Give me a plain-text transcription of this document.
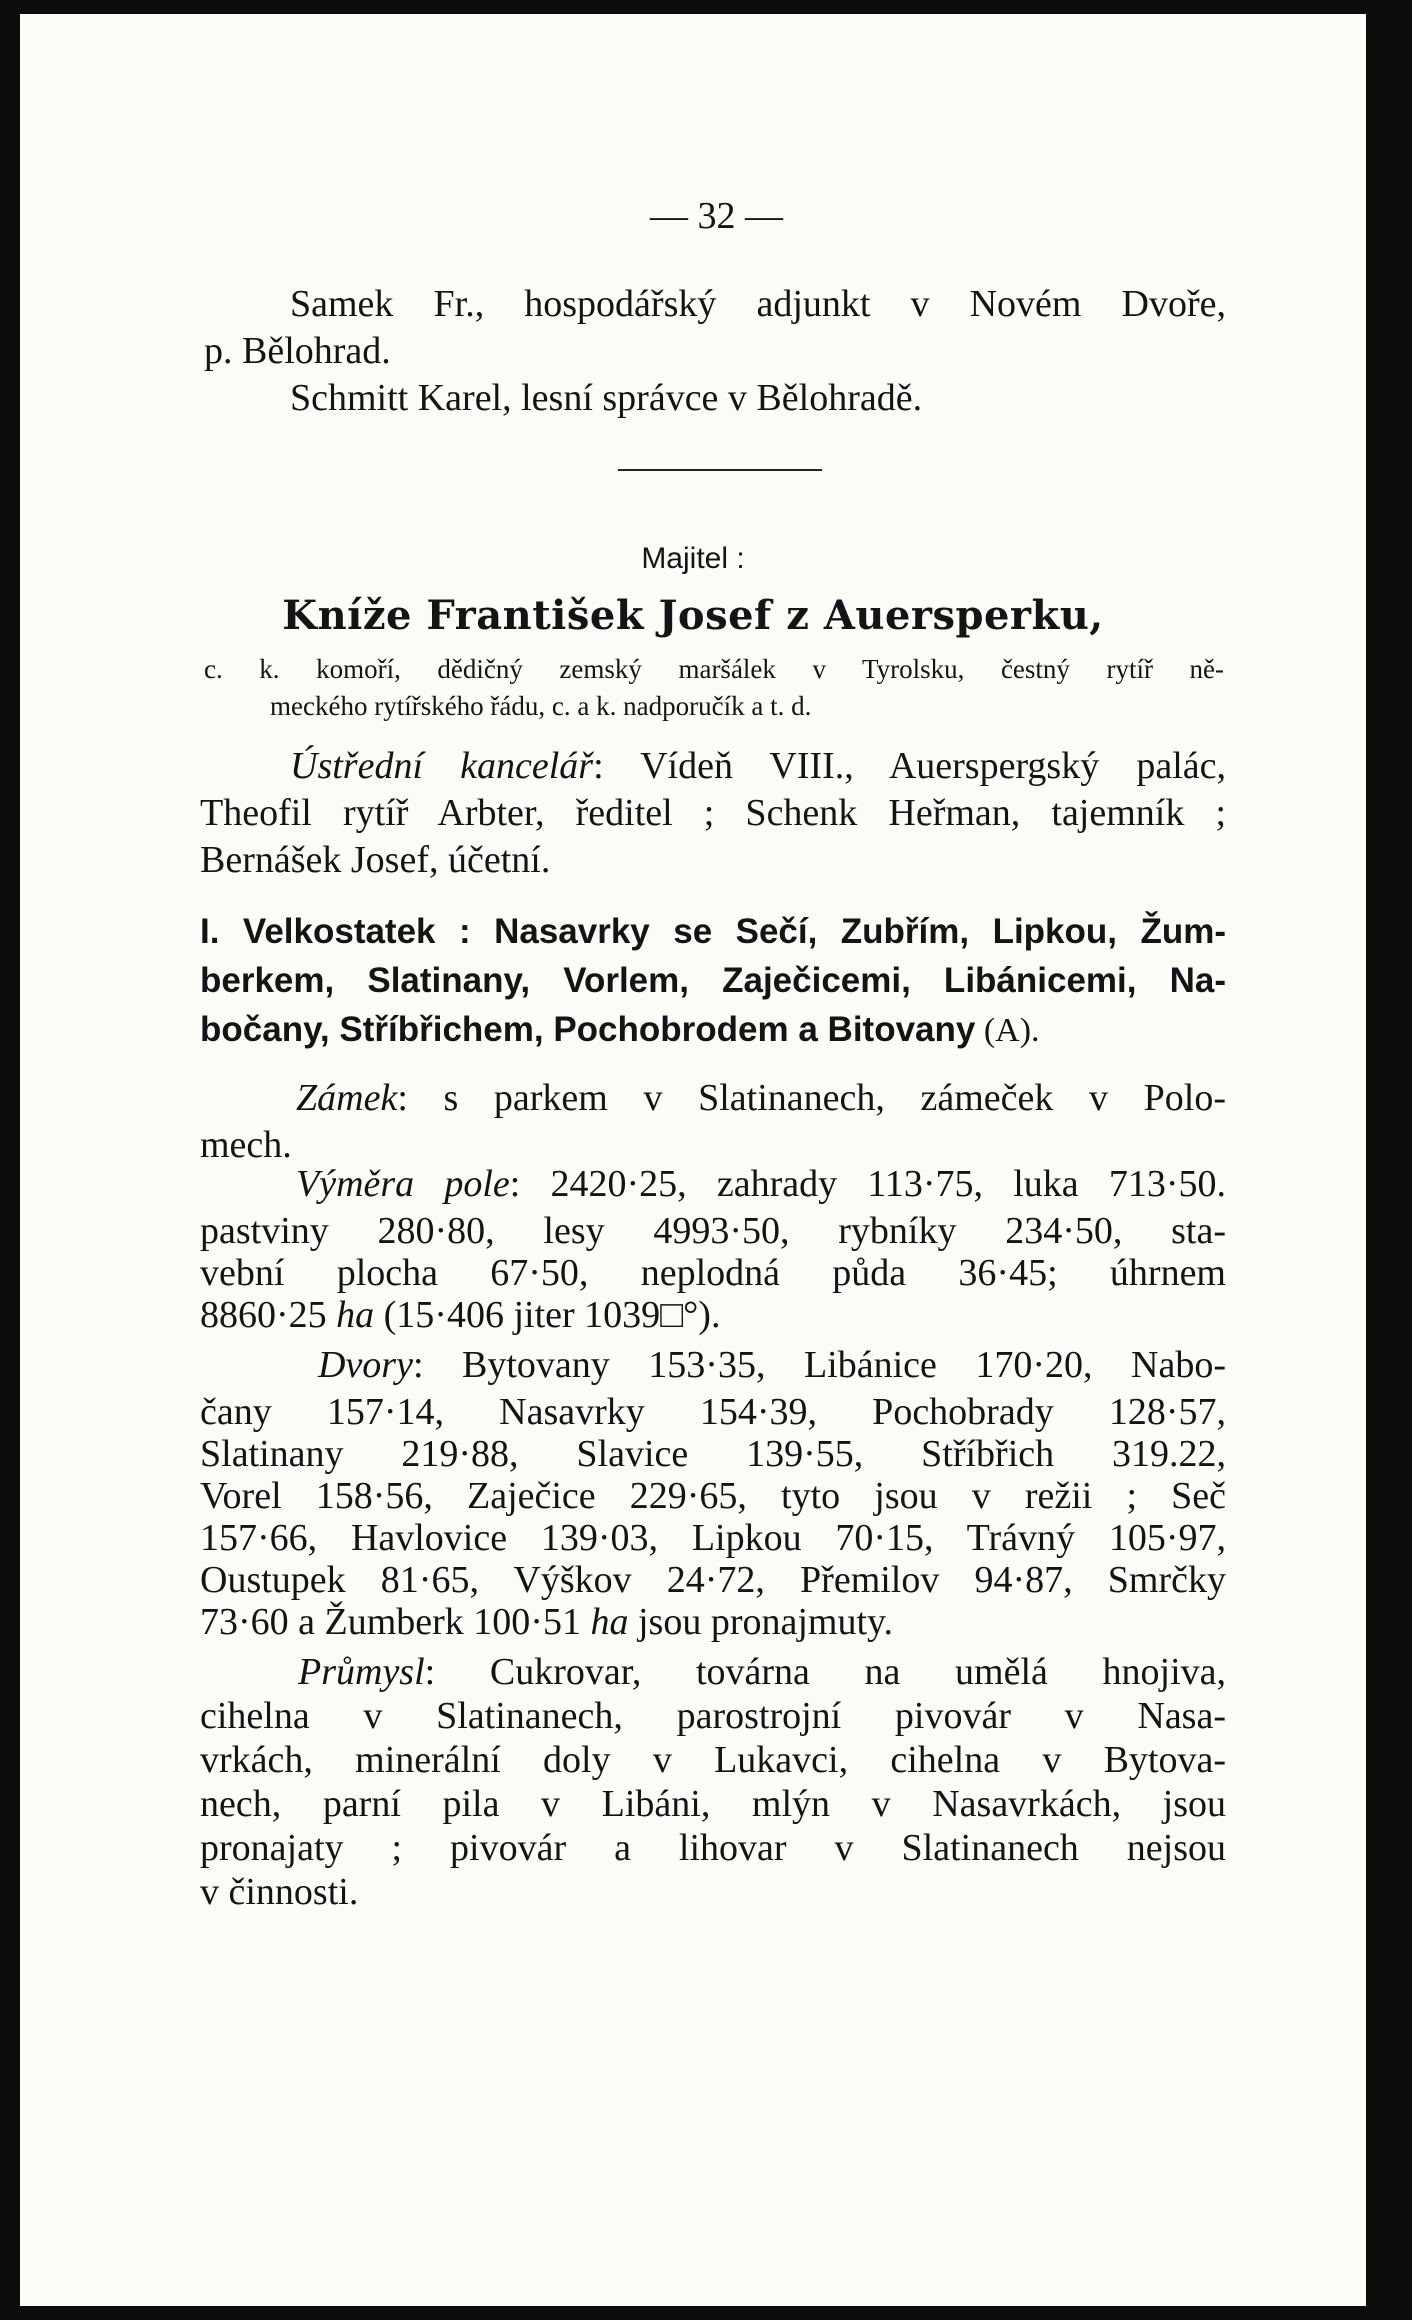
— 32 —
Samek Fr., hospodářský adjunkt v Novém Dvoře,
p. Bělohrad.
Schmitt Karel, lesní správce v Bělohradě.
Majitel :
Kníže František Josef z Auersperku,
c. k. komoří, dědičný zemský maršálek v Tyrolsku, čestný rytíř ně-
meckého rytířského řádu, c. a k. nadporučík a t. d.
Ústřední kancelář: Vídeň VIII., Auerspergský palác,
Theofil rytíř Arbter, ředitel ; Schenk Heřman, tajemník ;
Bernášek Josef, účetní.
I. Velkostatek : Nasavrky se Sečí, Zubřím, Lipkou, Žum-
berkem, Slatinany, Vorlem, Zaječicemi, Libánicemi, Na-
bočany, Stříbřichem, Pochobrodem a Bitovany (A).
Zámek: s parkem v Slatinanech, zámeček v Polo-
mech.
Výměra pole: 2420·25, zahrady 113·75, luka 713·50.
pastviny 280·80, lesy 4993·50, rybníky 234·50, sta-
vební plocha 67·50, neplodná půda 36·45; úhrnem
8860·25 ha (15·406 jiter 1039□°).
Dvory: Bytovany 153·35, Libánice 170·20, Nabo-
čany 157·14, Nasavrky 154·39, Pochobrady 128·57,
Slatinany 219·88, Slavice 139·55, Stříbřich 319.22,
Vorel 158·56, Zaječice 229·65, tyto jsou v režii ; Seč
157·66, Havlovice 139·03, Lipkou 70·15, Trávný 105·97,
Oustupek 81·65, Výškov 24·72, Přemilov 94·87, Smrčky
73·60 a Žumberk 100·51 ha jsou pronajmuty.
Průmysl: Cukrovar, továrna na umělá hnojiva,
cihelna v Slatinanech, parostrojní pivovár v Nasa-
vrkách, minerální doly v Lukavci, cihelna v Bytova-
nech, parní pila v Libáni, mlýn v Nasavrkách, jsou
pronajaty ; pivovár a lihovar v Slatinanech nejsou
v činnosti.
